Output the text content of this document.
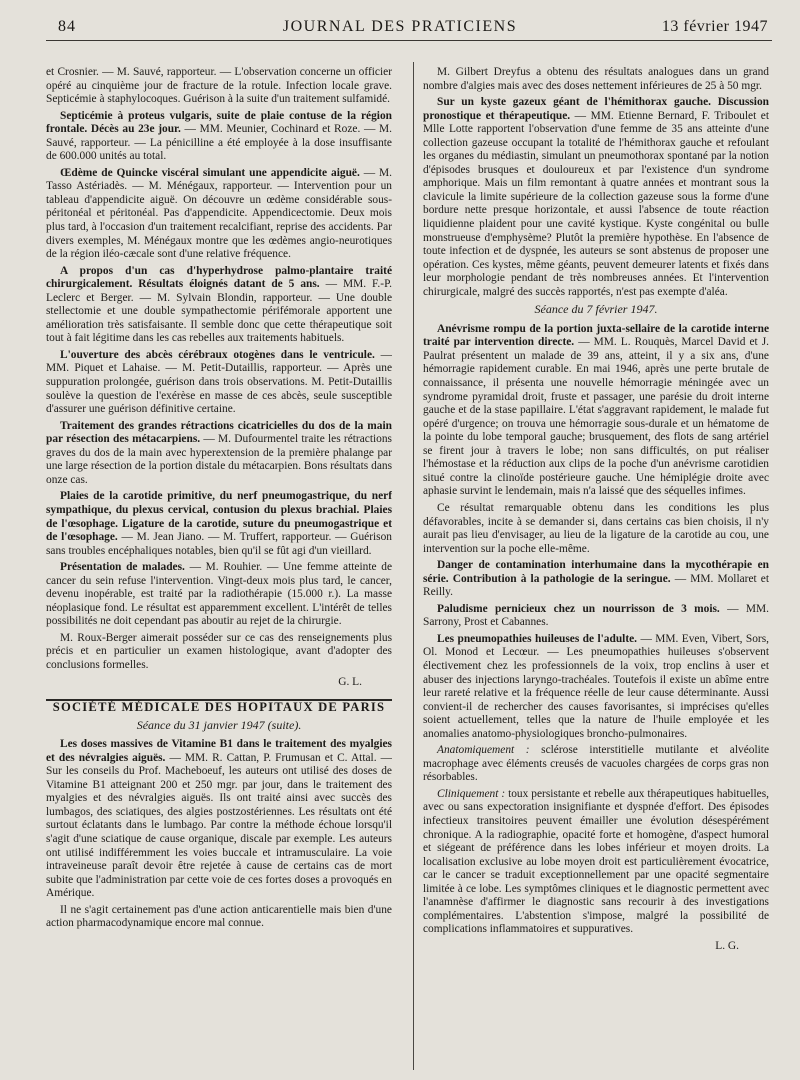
84	JOURNAL DES PRATICIENS	13 février 1947

et Crosnier. — M. Sauvé, rapporteur. — L'observation concerne un officier opéré au cinquième jour de fracture de la rotule. Infection locale grave. Septicémie à staphylocoques. Guérison à la suite d'un traitement sulfamidé.

Septicémie à proteus vulgaris, suite de plaie contuse de la région frontale. Décès au 23e jour. — MM. Meunier, Cochinard et Roze. — M. Sauvé, rapporteur. — La pénicilline a été employée à la dose insuffisante de 600.000 unités au total.

Œdème de Quincke viscéral simulant une appendicite aiguë. — M. Tasso Astériadès. — M. Ménégaux, rapporteur. — Intervention pour un tableau d'appendicite aiguë. On découvre un œdème considérable sous-péritonéal et péritonéal. Pas d'appendicite. Appendicectomie. Deux mois plus tard, à l'occasion d'un traitement recalcifiant, reprise des accidents. Par divers exemples, M. Ménégaux montre que les œdèmes angio-neurotiques de la région iléo-cæcale sont d'une relative fréquence.

A propos d'un cas d'hyperhydrose palmo-plantaire traité chirurgicalement. Résultats éloignés datant de 5 ans. — MM. F.-P. Leclerc et Berger. — M. Sylvain Blondin, rapporteur. — Une double stellectomie et une double sympathectomie périfémorale apportent une amélioration très satisfaisante. Il semble donc que cette thérapeutique soit tout à fait légitime dans les cas rebelles aux traitements habituels.

L'ouverture des abcès cérébraux otogènes dans le ventricule. — MM. Piquet et Lahaise. — M. Petit-Dutaillis, rapporteur. — Après une suppuration prolongée, guérison dans trois observations. M. Petit-Dutaillis soulève la question de l'exérèse en masse de ces abcès, seule susceptible d'assurer une guérison définitive certaine.

Traitement des grandes rétractions cicatricielles du dos de la main par résection des métacarpiens. — M. Dufourmentel traite les rétractions graves du dos de la main avec hyperextension de la première phalange par une large résection de la portion distale du métacarpien. Bons résultats dans onze cas.

Plaies de la carotide primitive, du nerf pneumogastrique, du nerf sympathique, du plexus cervical, contusion du plexus brachial. Plaies de l'œsophage. Ligature de la carotide, suture du pneumogastrique et de l'œsophage. — M. Jean Jiano. — M. Truffert, rapporteur. — Guérison sans troubles encéphaliques notables, bien qu'il se fût agi d'un vieillard.

Présentation de malades. — M. Rouhier. — Une femme atteinte de cancer du sein refuse l'intervention. Vingt-deux mois plus tard, le cancer, devenu inopérable, est traité par la radiothérapie (15.000 r.). La masse néoplasique fond. Le résultat est apparemment excellent. L'intérêt de telles possibilités ne doit cependant pas aboutir au rejet de la chirurgie.

M. Roux-Berger aimerait posséder sur ce cas des renseignements plus précis et en particulier un examen histologique, avant d'adopter des conclusions formelles.

G. L.

SOCIÉTÉ MÉDICALE DES HOPITAUX DE PARIS

Séance du 31 janvier 1947 (suite).

Les doses massives de Vitamine B1 dans le traitement des myalgies et des névralgies aiguës. — MM. R. Cattan, P. Frumusan et C. Attal. — Sur les conseils du Prof. Macheboeuf, les auteurs ont utilisé des doses de Vitamine B1 atteignant 200 et 250 mgr. par jour, dans le traitement des myalgies et des névralgies aiguës. Ils ont traité ainsi avec succès des lumbagos, des sciatiques, des algies postzostériennes. Les résultats ont été surtout éclatants dans le lumbago. Par contre la méthode échoue lorsqu'il s'agit d'une sciatique de cause organique, discale par exemple. Les auteurs ont utilisé indifféremment les voies buccale et intramusculaire. La voie intraveineuse paraît devoir être rejetée à cause de certains cas de mort subite que l'administration par cette voie de ces fortes doses a provoqués en Amérique.

Il ne s'agit certainement pas d'une action anticarentielle mais bien d'une action pharmacodynamique encore mal connue.

M. Gilbert Dreyfus a obtenu des résultats analogues dans un grand nombre d'algies mais avec des doses nettement inférieures de 25 à 50 mgr.

Sur un kyste gazeux géant de l'hémithorax gauche. Discussion pronostique et thérapeutique. — MM. Etienne Bernard, F. Triboulet et Mlle Lotte rapportent l'observation d'une femme de 35 ans atteinte d'une collection gazeuse occupant la totalité de l'hémithorax gauche et refoulant les organes du médiastin, simulant un pneumothorax spontané par la notion d'épisodes brusques et douloureux et par l'existence d'un syndrome amphorique. Mais un film remontant à quatre années et montrant sous la clavicule la limite supérieure de la collection gazeuse sous la forme d'une bordure nette presque horizontale, et aussi l'absence de toute réaction liquidienne plaident pour une cavité kystique. Kyste congénital ou bulle monstrueuse d'emphysème? Plutôt la première hypothèse. En l'absence de toute infection et de dyspnée, les auteurs se sont abstenus de proposer une opération. Ces kystes, même géants, peuvent demeurer latents et fixés dans leur morphologie pendant de très nombreuses années. Et l'intervention chirurgicale, malgré des succès rapportés, n'est pas exempte d'aléa.

Séance du 7 février 1947.

Anévrisme rompu de la portion juxta-sellaire de la carotide interne traité par intervention directe. — MM. L. Rouquès, Marcel David et J. Paulrat présentent un malade de 39 ans, atteint, il y a six ans, d'une hémorragie rapidement curable. En mai 1946, après une perte brutale de connaissance, il présenta une nouvelle hémorragie méningée avec un syndrome pyramidal droit, fruste et passager, une parésie du droit interne gauche et de la stase papillaire. L'état s'aggravant rapidement, le malade fut opéré d'urgence; on trouva une hémorragie sous-durale et un hématome de la pointe du lobe temporal gauche; brusquement, des flots de sang artériel se firent jour à travers le lobe; non sans difficultés, on put réaliser l'hémostase et la réduction aux clips de la poche d'un anévrisme carotidien situé contre la clinoïde postérieure gauche. Une hémiplégie droite avec aphasie survint le lendemain, mais n'a laissé que des séquelles infimes.

Ce résultat remarquable obtenu dans les conditions les plus défavorables, incite à se demander si, dans certains cas bien choisis, il n'y aurait pas lieu d'envisager, au lieu de la ligature de la carotide au cou, une intervention sur la poche elle-même.

Danger de contamination interhumaine dans la mycothérapie en série. Contribution à la pathologie de la seringue. — MM. Mollaret et Reilly.

Paludisme pernicieux chez un nourrisson de 3 mois. — MM. Sarrony, Prost et Cabannes.

Les pneumopathies huileuses de l'adulte. — MM. Even, Vibert, Sors, Ol. Monod et Lecœur. — Les pneumopathies huileuses s'observent électivement chez les professionnels de la voix, trop enclins à user et abuser des injections laryngo-trachéales. Toutefois il existe un abîme entre leur rareté relative et la fréquence réelle de leur cause déterminante. Aussi convient-il de rechercher des causes favorisantes, si imprécises qu'elles soient actuellement, telles que la nature de l'huile employée et les anomalies anatomo-physiologiques broncho-pulmonaires.

Anatomiquement : sclérose interstitielle mutilante et alvéolite macrophage avec éléments creusés de vacuoles chargées de corps gras non résorbables.

Cliniquement : toux persistante et rebelle aux thérapeutiques habituelles, avec ou sans expectoration insignifiante et dyspnée d'effort. Des épisodes infectieux transitoires peuvent émailler une évolution désespérément chronique. A la radiographie, opacité forte et homogène, d'aspect humoral et siégeant de préférence dans les lobes inférieur et moyen droits. La localisation exclusive au lobe moyen droit est particulièrement évocatrice, car le cancer se traduit exceptionnellement par une opacité segmentaire limitée à ce lobe. Les symptômes cliniques et le diagnostic permettent avec l'anamnèse d'affirmer le diagnostic sans recourir à des investigations complémentaires. L'abstention s'impose, malgré la possibilité de complications inflammatoires et suppuratives.

L. G.
